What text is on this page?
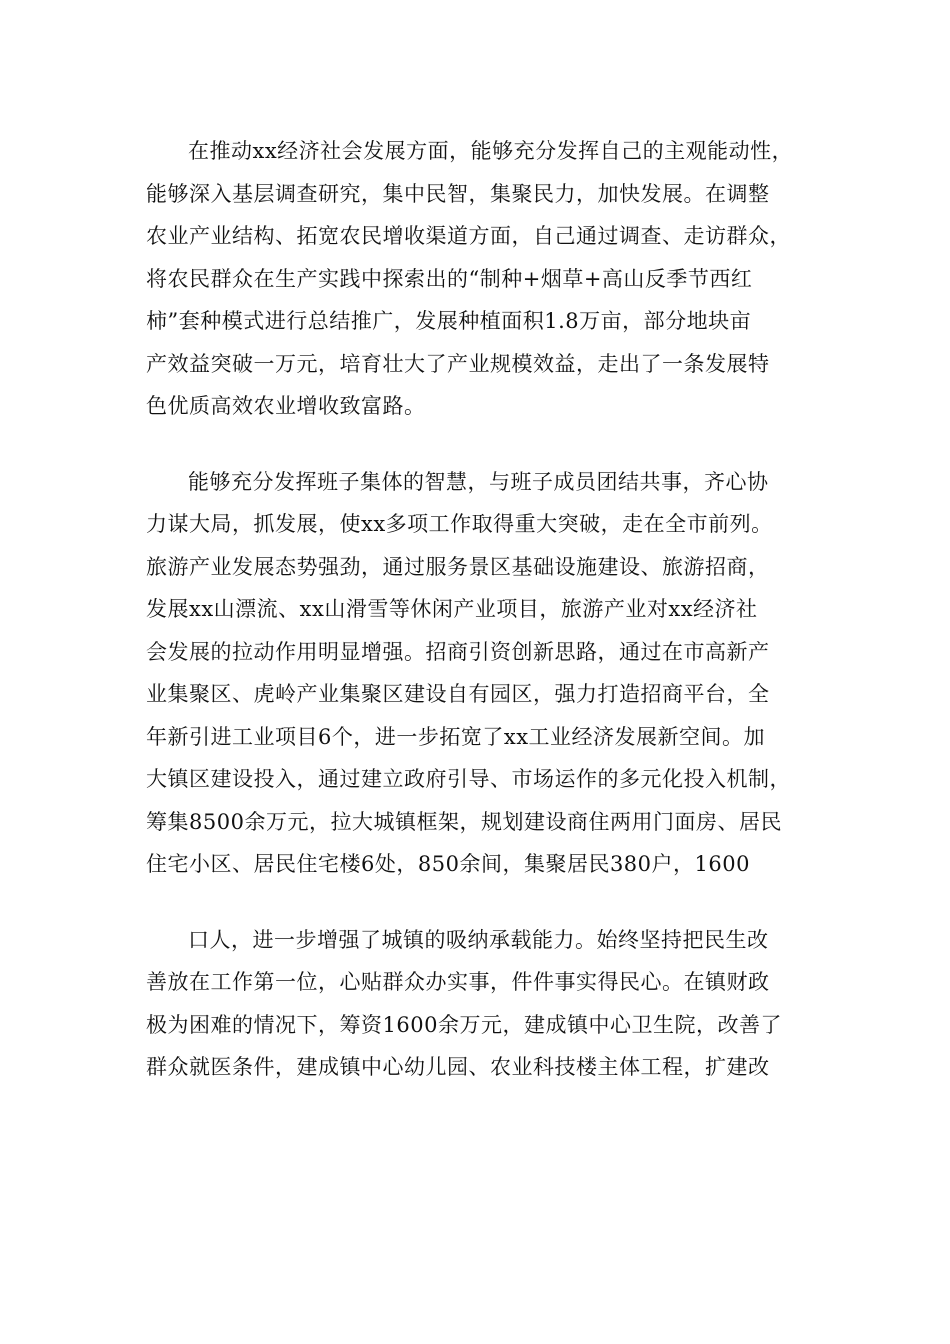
在推动xx经济社会发展方面，能够充分发挥自己的主观能动性，
能够深入基层调查研究，集中民智，集聚民力，加快发展。在调整
农业产业结构、拓宽农民增收渠道方面，自己通过调查、走访群众，
将农民群众在生产实践中探索出的“制种+烟草+高山反季节西红
柿”套种模式进行总结推广，发展种植面积1.8万亩，部分地块亩
产效益突破一万元，培育壮大了产业规模效益，走出了一条发展特
色优质高效农业增收致富路。
能够充分发挥班子集体的智慧，与班子成员团结共事，齐心协
力谋大局，抓发展，使xx多项工作取得重大突破，走在全市前列。
旅游产业发展态势强劲，通过服务景区基础设施建设、旅游招商，
发展xx山漂流、xx山滑雪等休闲产业项目，旅游产业对xx经济社
会发展的拉动作用明显增强。招商引资创新思路，通过在市高新产
业集聚区、虎岭产业集聚区建设自有园区，强力打造招商平台，全
年新引进工业项目6个，进一步拓宽了xx工业经济发展新空间。加
大镇区建设投入，通过建立政府引导、市场运作的多元化投入机制，
筹集8500余万元，拉大城镇框架，规划建设商住两用门面房、居民
住宅小区、居民住宅楼6处，850余间，集聚居民380户，1600
口人，进一步增强了城镇的吸纳承载能力。始终坚持把民生改
善放在工作第一位，心贴群众办实事，件件事实得民心。在镇财政
极为困难的情况下，筹资1600余万元，建成镇中心卫生院，改善了
群众就医条件，建成镇中心幼儿园、农业科技楼主体工程，扩建改
